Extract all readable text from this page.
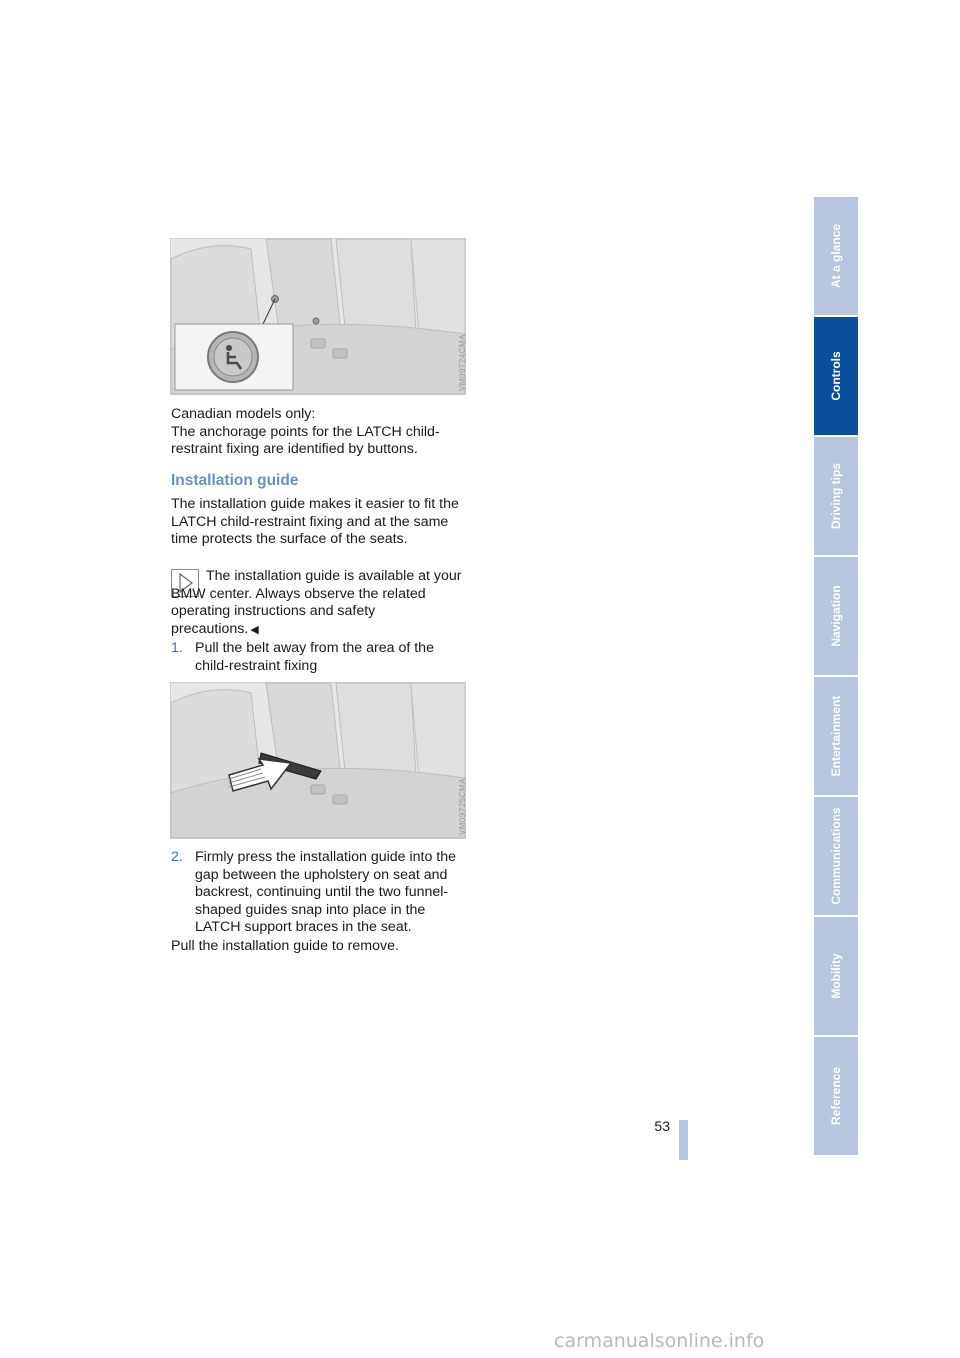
VM09724CMA

Canadian models only:

The anchorage points for the LATCH child-restraint fixing are identified by buttons.

Installation guide
The installation guide makes it easier to fit the LATCH child-restraint fixing and at the same time protects the surface of the seats.
The installation guide is available at your BMW center. Always observe the related operating instructions and safety precautions. ◀
1. Pull the belt away from the area of the child-restraint fixing
VM09725CMA
2. Firmly press the installation guide into the gap between the upholstery on seat and backrest, continuing until the two funnel-shaped guides snap into place in the LATCH support braces in the seat.
Pull the installation guide to remove.
At a glance
Controls
Driving tips
Navigation
Entertainment
Communications
Mobility
Reference
53
carmanualsonline.info
